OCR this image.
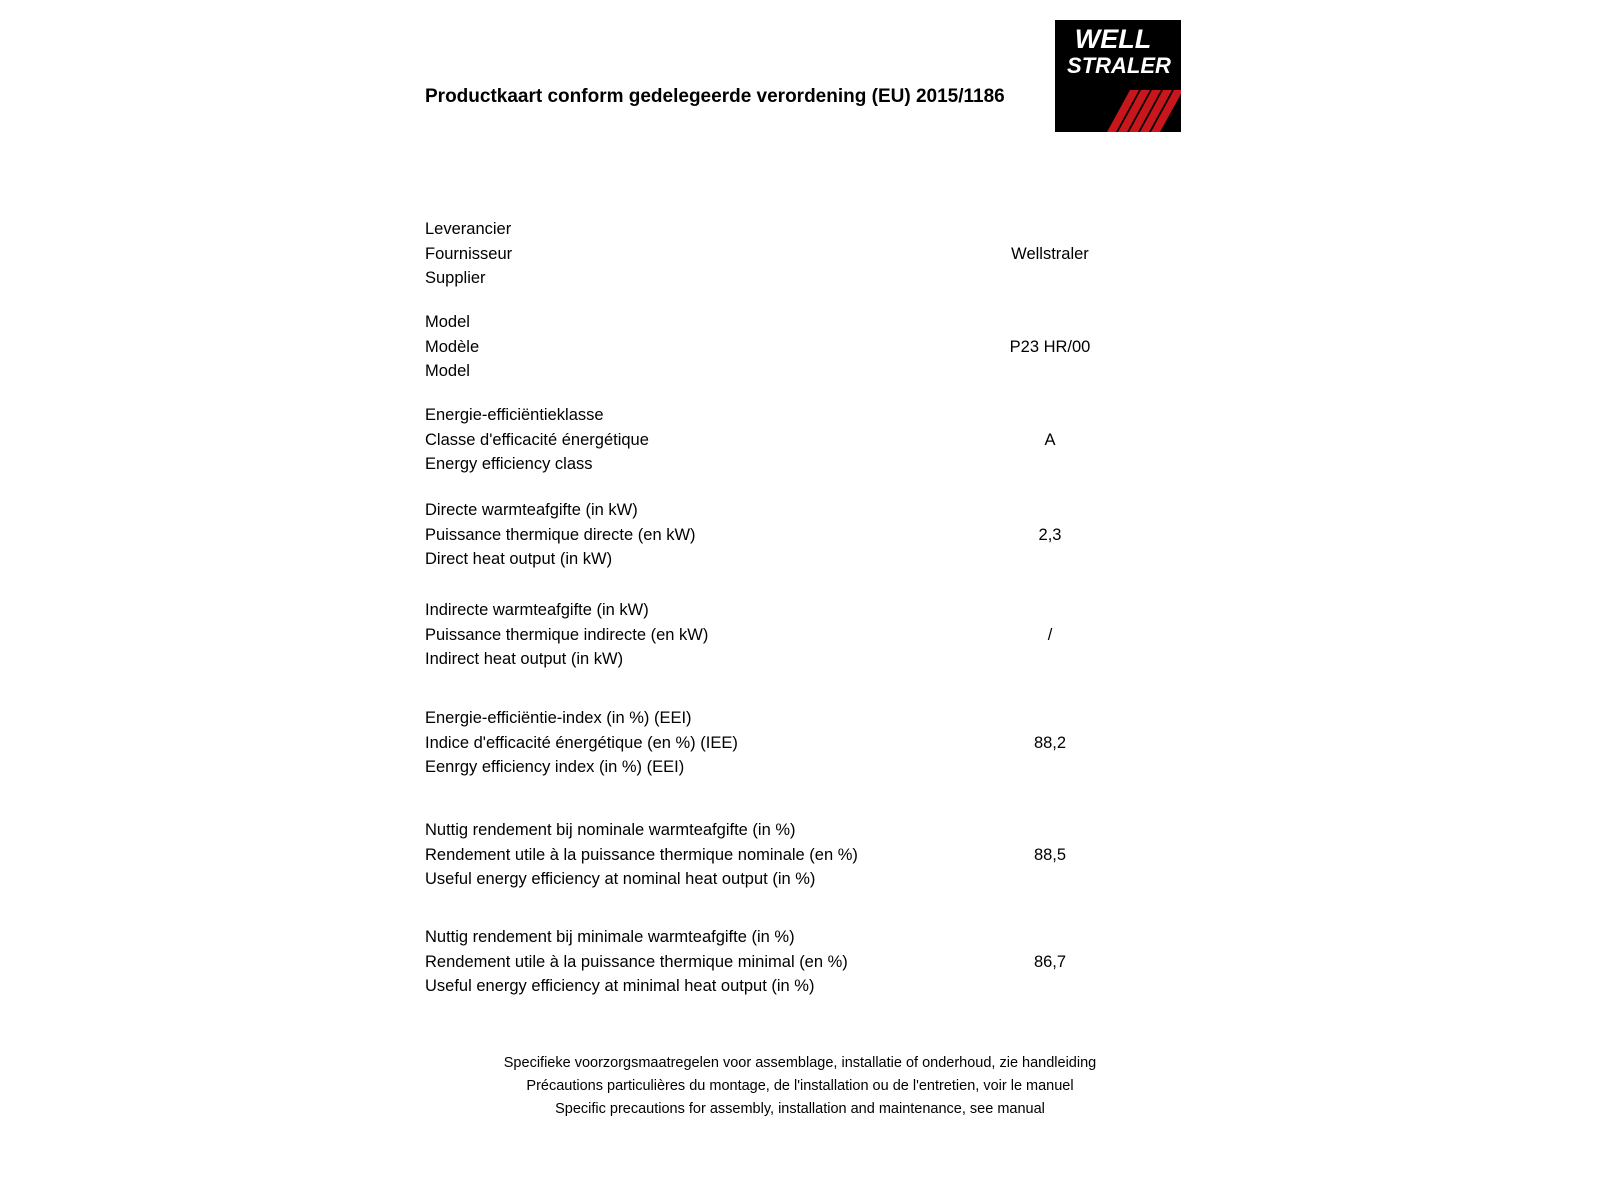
Productkaart conform gedelegeerde verordening (EU) 2015/1186
WELL
STRALER
Leverancier
Fournisseur
Supplier
Wellstraler
Model
Modèle
Model
P23 HR/00
Energie-efficiëntieklasse
Classe d'efficacité énergétique
Energy efficiency class
A
Directe warmteafgifte (in kW)
Puissance thermique directe (en kW)
Direct heat output (in kW)
2,3
Indirecte warmteafgifte (in kW)
Puissance thermique indirecte (en kW)
Indirect heat output (in kW)
/
Energie-efficiëntie-index (in %) (EEI)
Indice d'efficacité énergétique (en %) (IEE)
Eenrgy efficiency index (in %) (EEI)
88,2
Nuttig rendement bij nominale warmteafgifte (in %)
Rendement utile à la puissance thermique nominale (en %)
Useful energy efficiency at nominal heat output (in %)
88,5
Nuttig rendement bij minimale warmteafgifte (in %)
Rendement utile à la puissance thermique minimal (en %)
Useful energy efficiency at minimal heat output (in %)
86,7
Specifieke voorzorgsmaatregelen voor assemblage, installatie of onderhoud, zie handleiding
Précautions particulières du montage, de l'installation ou de l'entretien, voir le manuel
Specific precautions for assembly, installation and maintenance, see manual
